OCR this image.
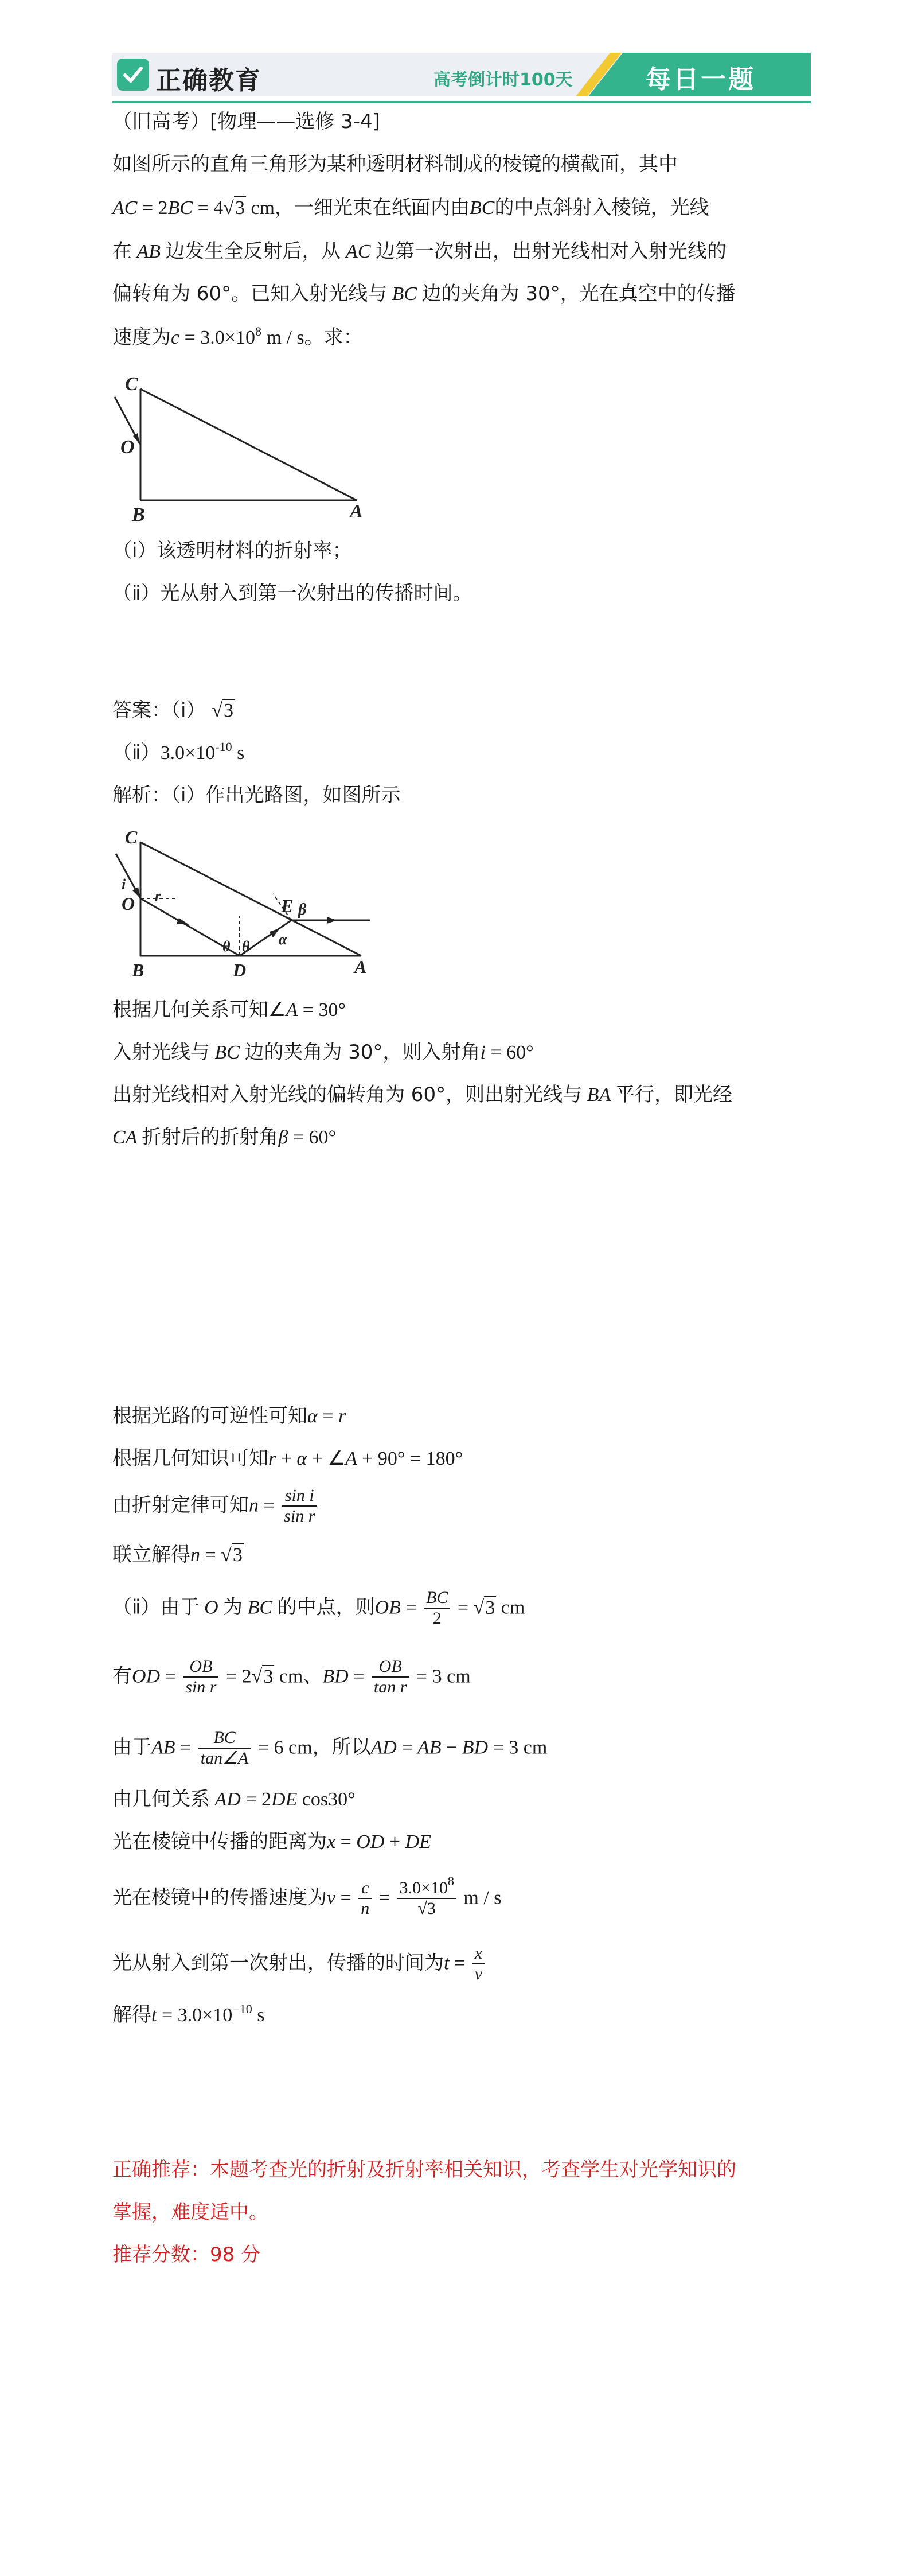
正确教育	高考倒计时100天	每日一题
（旧高考）[物理——选修 3-4]
如图所示的直角三角形为某种透明材料制成的棱镜的横截面，其中
AC = 2BC = 4√3 cm，一细光束在纸面内由BC的中点斜射入棱镜，光线
在 AB 边发生全反射后，从 AC 边第一次射出，出射光线相对入射光线的
偏转角为 60°。已知入射光线与 BC 边的夹角为 30°，光在真空中的传播
速度为$c = 3.0\times 10^8$ m / s。求：
C
O
B	A
（ⅰ）该透明材料的折射率；
（ⅱ）光从射入到第一次射出的传播时间。
答案：（ⅰ） √3
$(ⅱ)3.0\times 10^{-10}$ s
解析：（ⅰ）作出光路图，如图所示
C
i
O r	E β
θ θ α
B	D	A
根据几何关系可知∠A = 30°
入射光线与 BC 边的夹角为 30°，则入射角i = 60°
出射光线相对入射光线的偏转角为 60°，则出射光线与 BA 平行，即光经
CA 折射后的折射角β = 60°
根据光路的可逆性可知α = r
根据几何知识可知r + α + ∠A + 90° = 180°
由折射定律可知$n = \frac{\text{sin i}}{\text{sin r}}$
联立解得n = √3
（ⅱ）由于 O 为 BC 的中点，则OB = $\frac{BC}{2} = √3$ cm
有OD = $\frac{OB}{\text{sin r}} = 2√3$ cm、BD = $\frac{OB}{\text{tan r}} = 3$ cm
由于AB = $\frac{BC}{\tan\angle A} = 6$ cm，所以AD = AB − BD = 3 cm
由几何关系 AD = 2DE cos30°
光在棱镜中传播的距离为x = OD + DE
光在棱镜中的传播速度为$v = \frac{c}{n} = \frac{3.0\times 10^8}{√3}$ m / s
光从射入到第一次射出，传播的时间为$t = \frac{x}{v}$
解得$t = 3.0\times 10^{-10}$ s
正确推荐：本题考查光的折射及折射率相关知识，考查学生对光学知识的
掌握，难度适中。
推荐分数：98 分
